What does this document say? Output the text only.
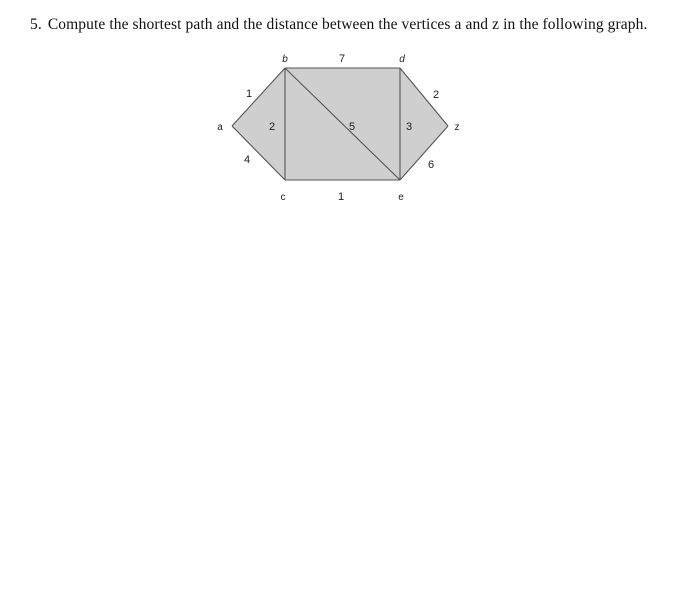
5. Compute the shortest path and the distance between the vertices a and z in the following graph.
a
b
c
d
e
z
1
4
2
7
5
1
3
2
6
